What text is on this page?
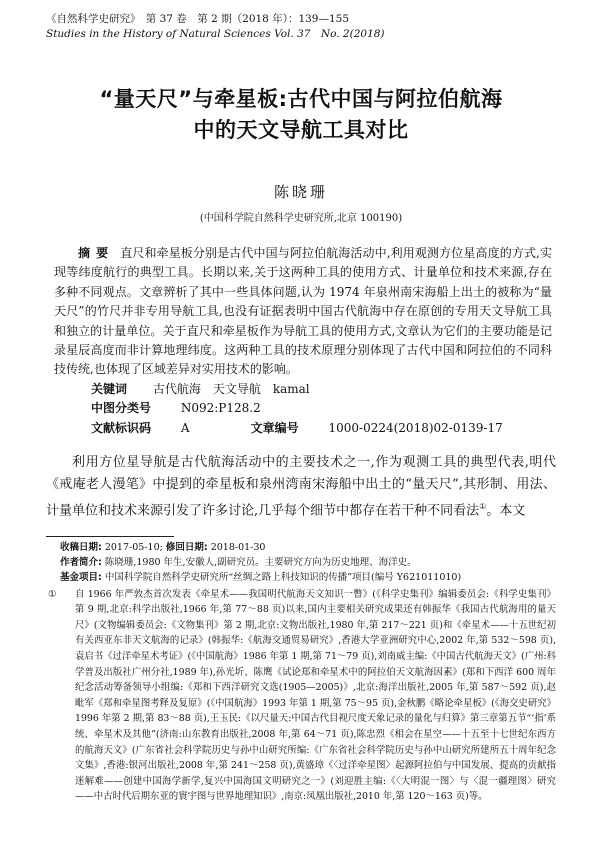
《自然科学史研究》　第 37 卷　第 2 期（2018 年）：139—155
Studies in the History of Natural Sciences Vol. 37　No. 2(2018)
“量天尺”与牵星板:古代中国与阿拉伯航海
中的天文导航工具对比
陈晓珊
(中国科学院自然科学史研究所,北京 100190)
摘要 直尺和牵星板分别是古代中国与阿拉伯航海活动中,利用观测方位星高度的方式,实现等纬度航行的典型工具。长期以来,关于这两种工具的使用方式、计量单位和技术来源,存在多种不同观点。文章辨析了其中一些具体问题,认为 1974 年泉州南宋海船上出土的被称为“量天尺”的竹尺并非专用导航工具,也没有证据表明中国古代航海中存在原创的专用天文导航工具和独立的计量单位。关于直尺和牵星板作为导航工具的使用方式,文章认为它们的主要功能是记录星辰高度而非计算地理纬度。这两种工具的技术原理分别体现了古代中国和阿拉伯的不同科技传统,也体现了区域差异对实用技术的影响。
关键词 古代航海　天文导航　kamal
中图分类号 N092:P128.2
文献标识码 A	文章编号 1000-0224(2018)02-0139-17

利用方位星导航是古代航海活动中的主要技术之一,作为观测工具的典型代表,明代《戒庵老人漫笔》中提到的牵星板和泉州湾南宋海船中出土的“量天尺”,其形制、用法、计量单位和技术来源引发了许多讨论,几乎每个细节中都存在若干种不同看法①。本文

收稿日期: 2017-05-10; 修回日期: 2018-01-30
作者简介: 陈晓珊,1980 年生,安徽人,副研究员。主要研究方向为历史地理、海洋史。
基金项目: 中国科学院自然科学史研究所“丝绸之路上科技知识的传播”项目(编号 Y621011010)
① 自 1966 年严敦杰首次发表《牵星术——我国明代航海天文知识一瞥》(《科学史集刊》编辑委员会:《科学史集刊》第 9 期,北京:科学出版社,1966 年,第 77～88 页)以来,国内主要相关研究成果还有韩振华《我国古代航海用的量天尺》(文物编辑委员会:《文物集刊》第 2 期,北京:文物出版社,1980 年,第 217～221 页)和《牵星术——十五世纪初有关西亚东非天文航海的记录》(韩振华:《航海交通贸易研究》,香港大学亚洲研究中心,2002 年,第 532～598 页),袁启书《过洋牵星术考证》(《中国航海》1986 年第 1 期,第 71～79 页),刘南威主编:《中国古代航海天文》(广州:科学普及出版社广州分社,1989 年),孙光圻、陈鹰《试论郑和牵星术中的阿拉伯天文航海因素》(郑和下西洋 600 周年纪念活动筹备领导小组编:《郑和下西洋研究文选(1905—2005)》,北京:海洋出版社,2005 年,第 587～592 页),赵毗军《郑和牵星图考释及复原》(《中国航海》1993 年第 1 期,第 75～95 页),金秋鹏《略论牵星板》(《海交史研究》1996 年第 2 期,第 83～88 页),王玉民:《以尺量天:中国古代目视尺度天象记录的量化与归算》第三章第五节“‘指’系统、牵星术及其他”(济南:山东教育出版社,2008 年,第 64～71 页),陈忠烈《相会在星空——十五至十七世纪东西方的航海天文》(广东省社会科学院历史与孙中山研究所编:《广东省社会科学院历史与孙中山研究所建所五十周年纪念文集》,香港:银河出版社,2008 年,第 241～258 页),黄盛璋《〈过洋牵星图〉起源阿拉伯与中国发展、提高的贡献指迷解难——创建中国海学新学,复兴中国海国文明研究之一》(刘迎胜主编:《〈大明混一图〉与〈混一疆理图〉研究——中古时代后期东亚的寰宇图与世界地理知识》,南京:凤凰出版社,2010 年,第 120～163 页)等。
